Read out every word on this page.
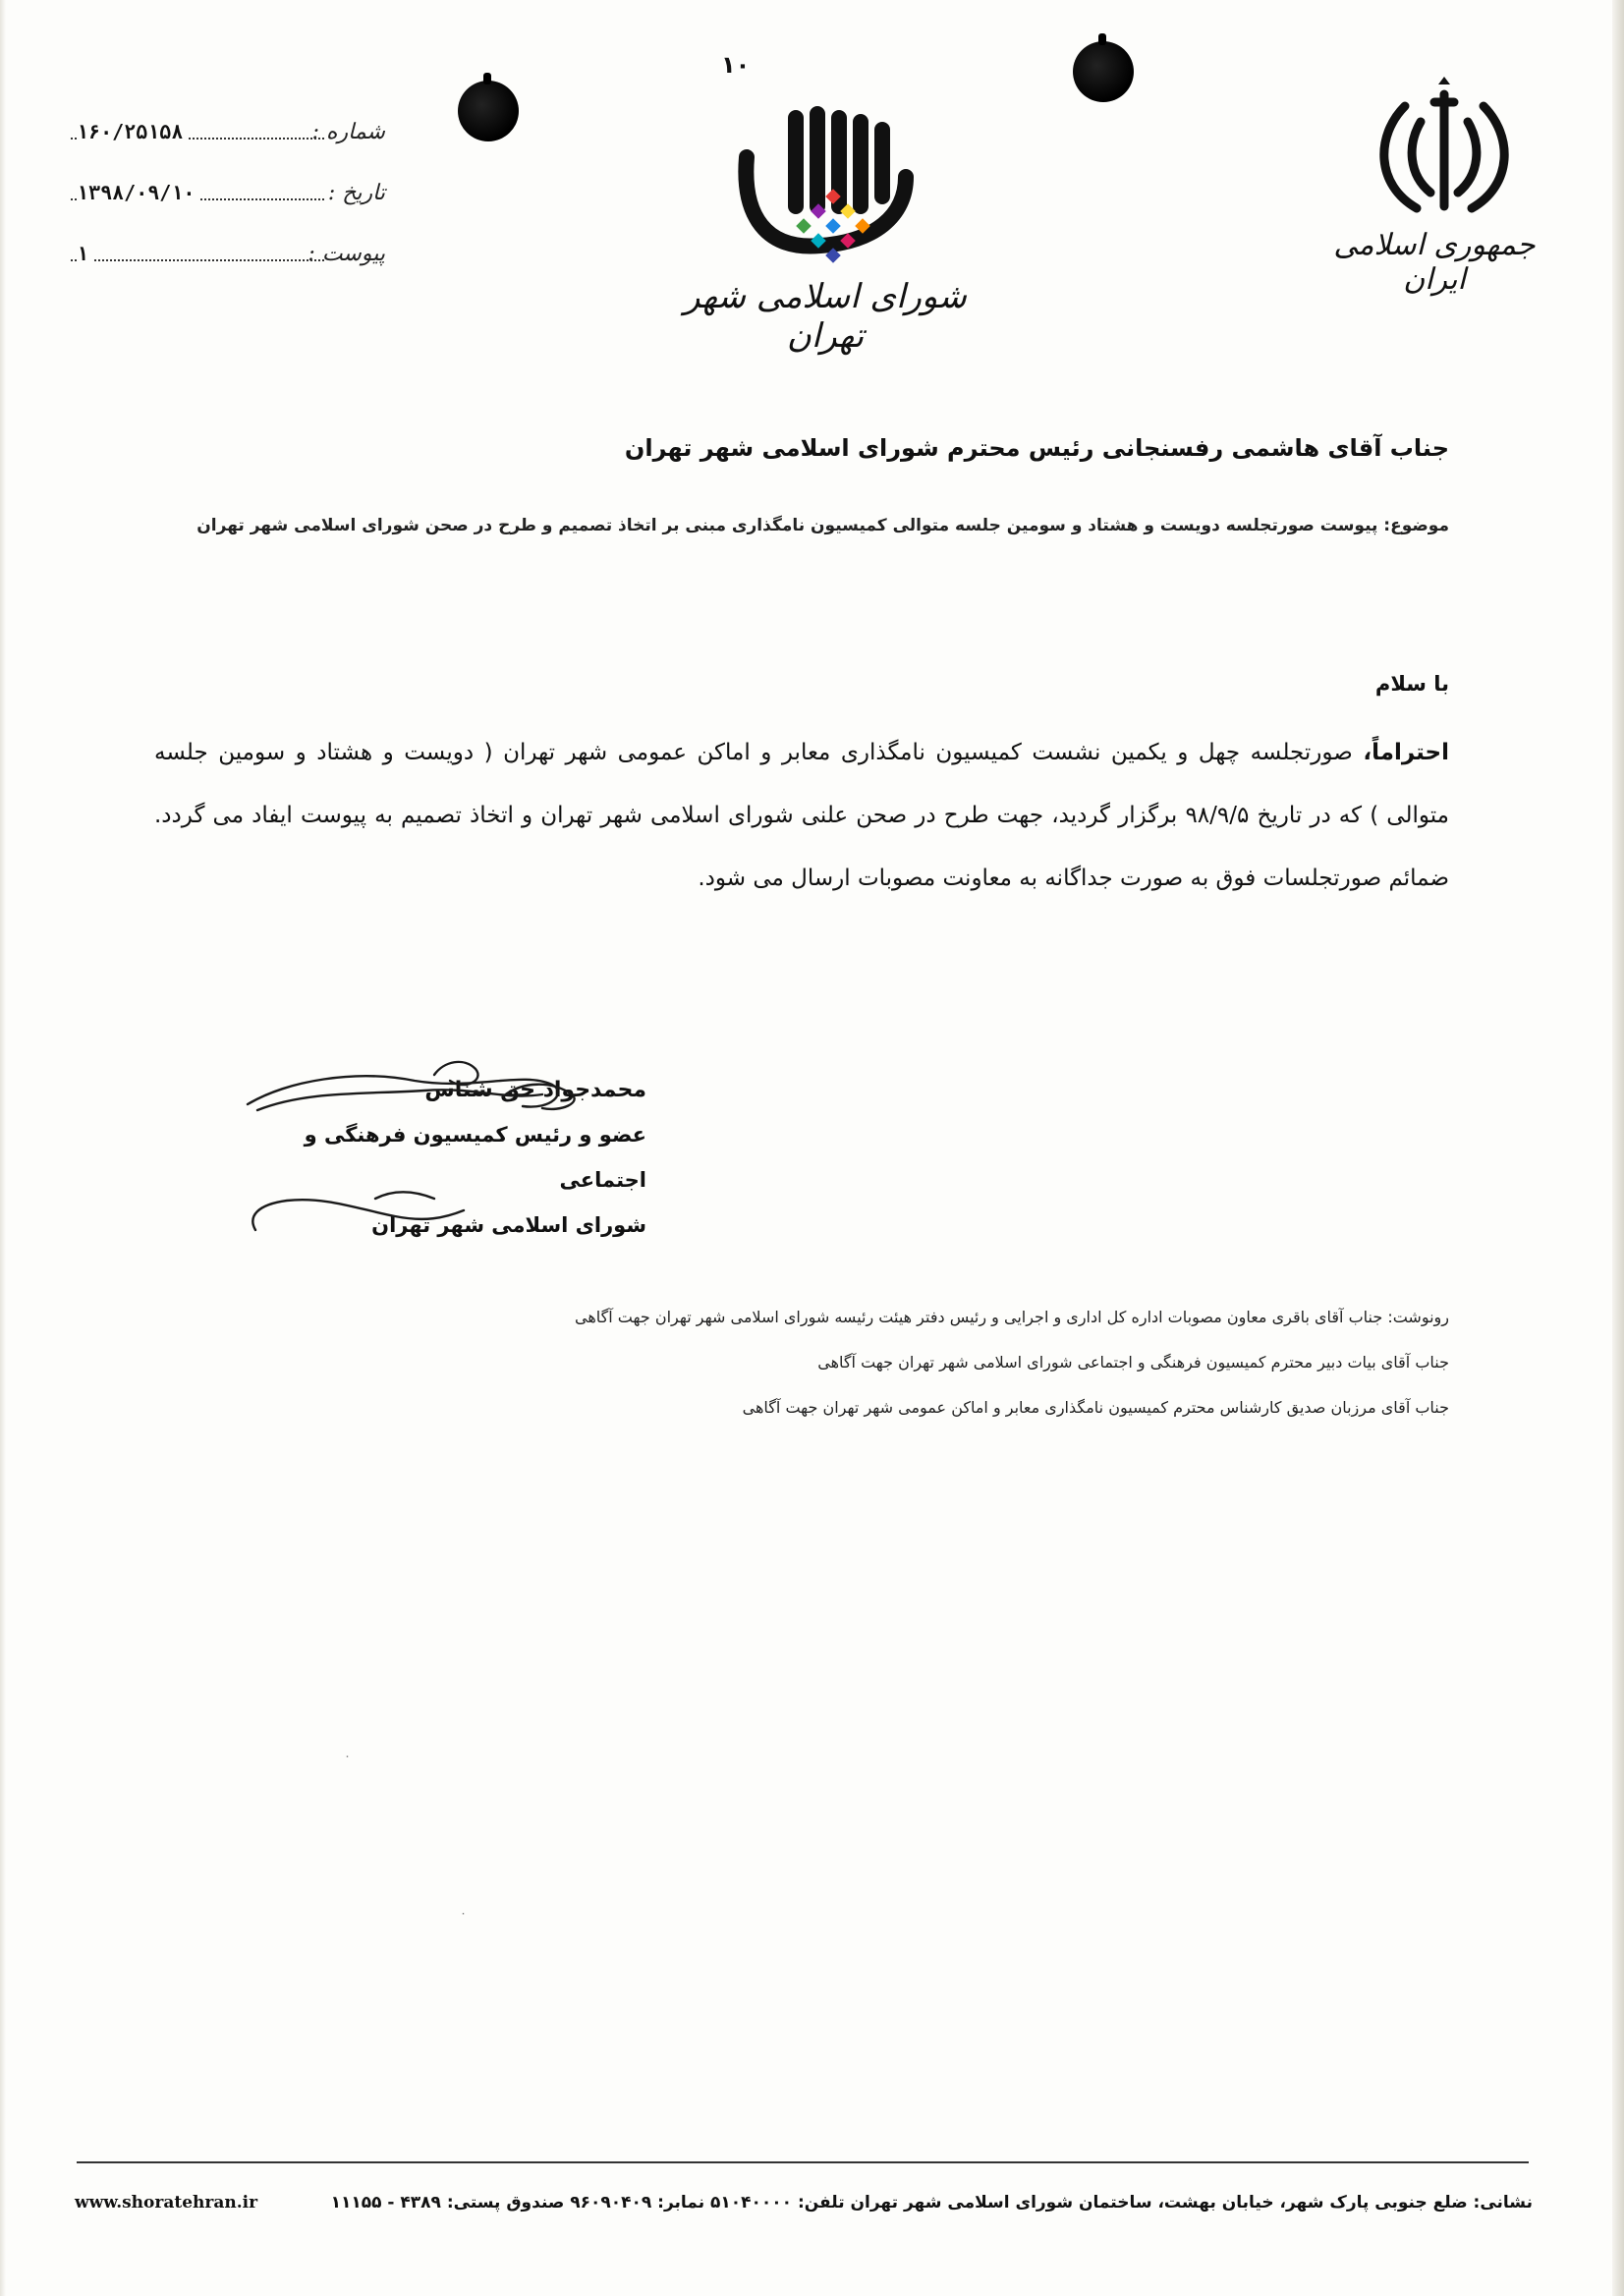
۱۰
شماره :
۱۶۰/۲۵۱۵۸
تاریخ :
۱۳۹۸/۰۹/۱۰
پیوست :
۱
شورای اسلامی شهر تهران
جمهوری اسلامی ایران
جناب آقای هاشمی رفسنجانی رئیس محترم شورای اسلامی شهر تهران
موضوع: پیوست صورتجلسه دویست و هشتاد و سومین جلسه متوالی کمیسیون نامگذاری مبنی بر اتخاذ تصمیم و طرح در صحن شورای اسلامی شهر تهران
با سلام
احتراماً، صورتجلسه چهل و یکمین نشست کمیسیون نامگذاری معابر و اماکن عمومی شهر تهران ( دویست و هشتاد و سومین جلسه متوالی ) که در تاریخ ۹۸/۹/۵ برگزار گردید، جهت طرح در صحن علنی شورای اسلامی شهر تهران و اتخاذ تصمیم به پیوست ایفاد می گردد. ضمائم صورتجلسات فوق به صورت جداگانه به معاونت مصوبات ارسال می شود.
محمدجواد حق شناس
عضو و رئیس کمیسیون فرهنگی و اجتماعی
شورای اسلامی شهر تهران
رونوشت: جناب آقای باقری معاون مصوبات اداره کل اداری و اجرایی و رئیس دفتر هیئت رئیسه شورای اسلامی شهر تهران جهت آگاهی
جناب آقای بیات دبیر محترم کمیسیون فرهنگی و اجتماعی شورای اسلامی شهر تهران جهت آگاهی
جناب آقای مرزبان صدیق کارشناس محترم کمیسیون نامگذاری معابر و اماکن عمومی شهر تهران جهت آگاهی
˙
˙
نشانی: ضلع جنوبی پارک شهر، خیابان بهشت، ساختمان شورای اسلامی شهر تهران تلفن: ۵۱۰۴۰۰۰۰ نمابر: ۹۶۰۹۰۴۰۹ صندوق پستی: ۴۳۸۹ - ۱۱۱۵۵
www.shoratehran.ir
